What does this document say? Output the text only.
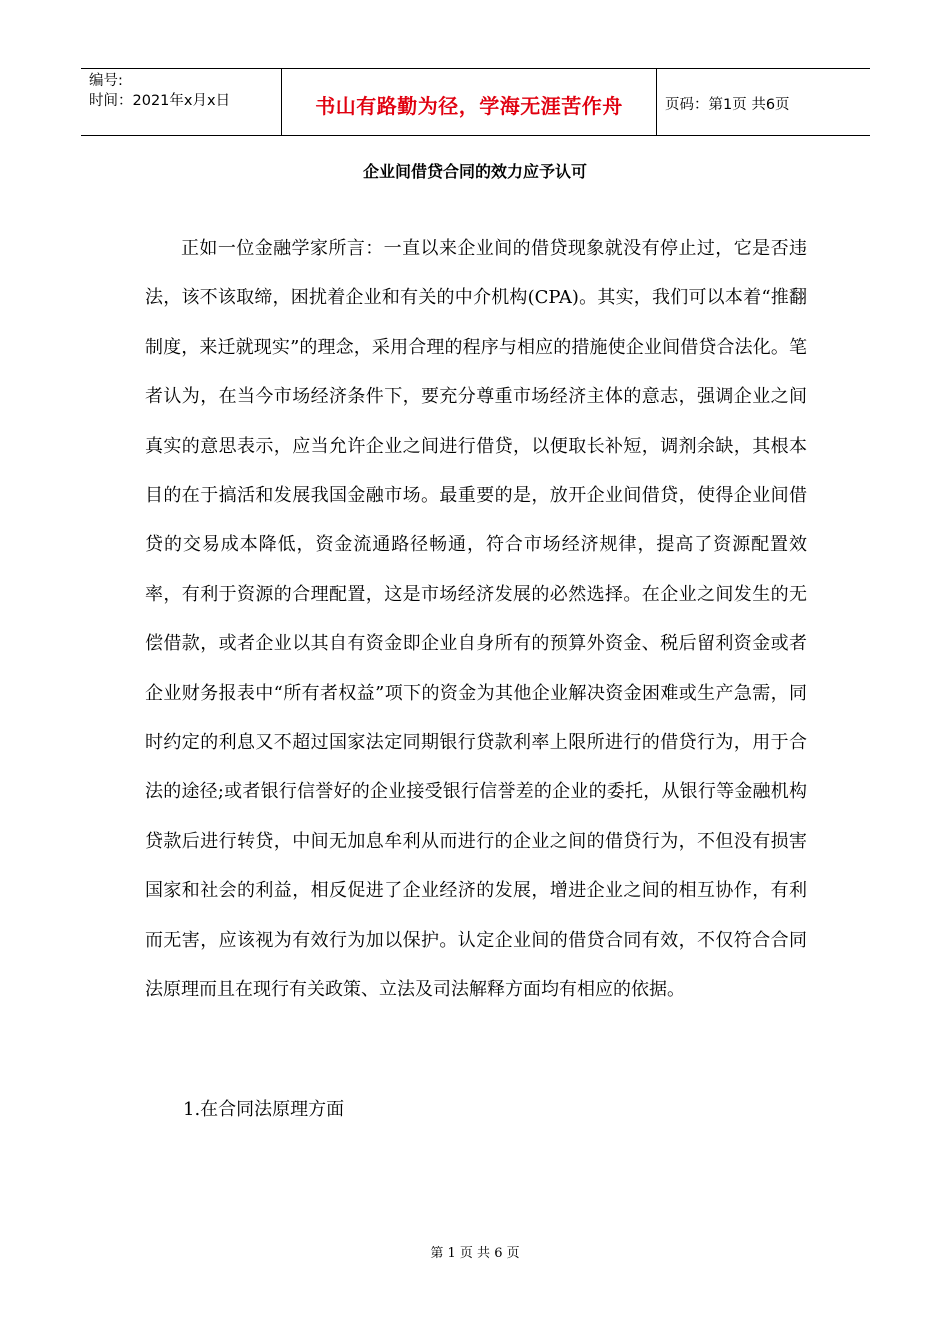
编号:
时间：2021年x月x日	书山有路勤为径，学海无涯苦作舟	页码：第1页 共6页
企业间借贷合同的效力应予认可

正如一位金融学家所言：一直以来企业间的借贷现象就没有停止过，它是否违法，该不该取缔，困扰着企业和有关的中介机构(CPA)。其实，我们可以本着“推翻制度，来迁就现实”的理念，采用合理的程序与相应的措施使企业间借贷合法化。笔者认为，在当今市场经济条件下，要充分尊重市场经济主体的意志，强调企业之间真实的意思表示，应当允许企业之间进行借贷，以便取长补短，调剂余缺，其根本目的在于搞活和发展我国金融市场。最重要的是，放开企业间借贷，使得企业间借贷的交易成本降低，资金流通路径畅通，符合市场经济规律，提高了资源配置效率，有利于资源的合理配置，这是市场经济发展的必然选择。在企业之间发生的无偿借款，或者企业以其自有资金即企业自身所有的预算外资金、税后留利资金或者企业财务报表中“所有者权益”项下的资金为其他企业解决资金困难或生产急需，同时约定的利息又不超过国家法定同期银行贷款利率上限所进行的借贷行为，用于合法的途径;或者银行信誉好的企业接受银行信誉差的企业的委托，从银行等金融机构贷款后进行转贷，中间无加息牟利从而进行的企业之间的借贷行为，不但没有损害国家和社会的利益，相反促进了企业经济的发展，增进企业之间的相互协作，有利而无害，应该视为有效行为加以保护。认定企业间的借贷合同有效，不仅符合合同法原理而且在现行有关政策、立法及司法解释方面均有相应的依据。

1.在合同法原理方面

第 1 页 共 6 页
